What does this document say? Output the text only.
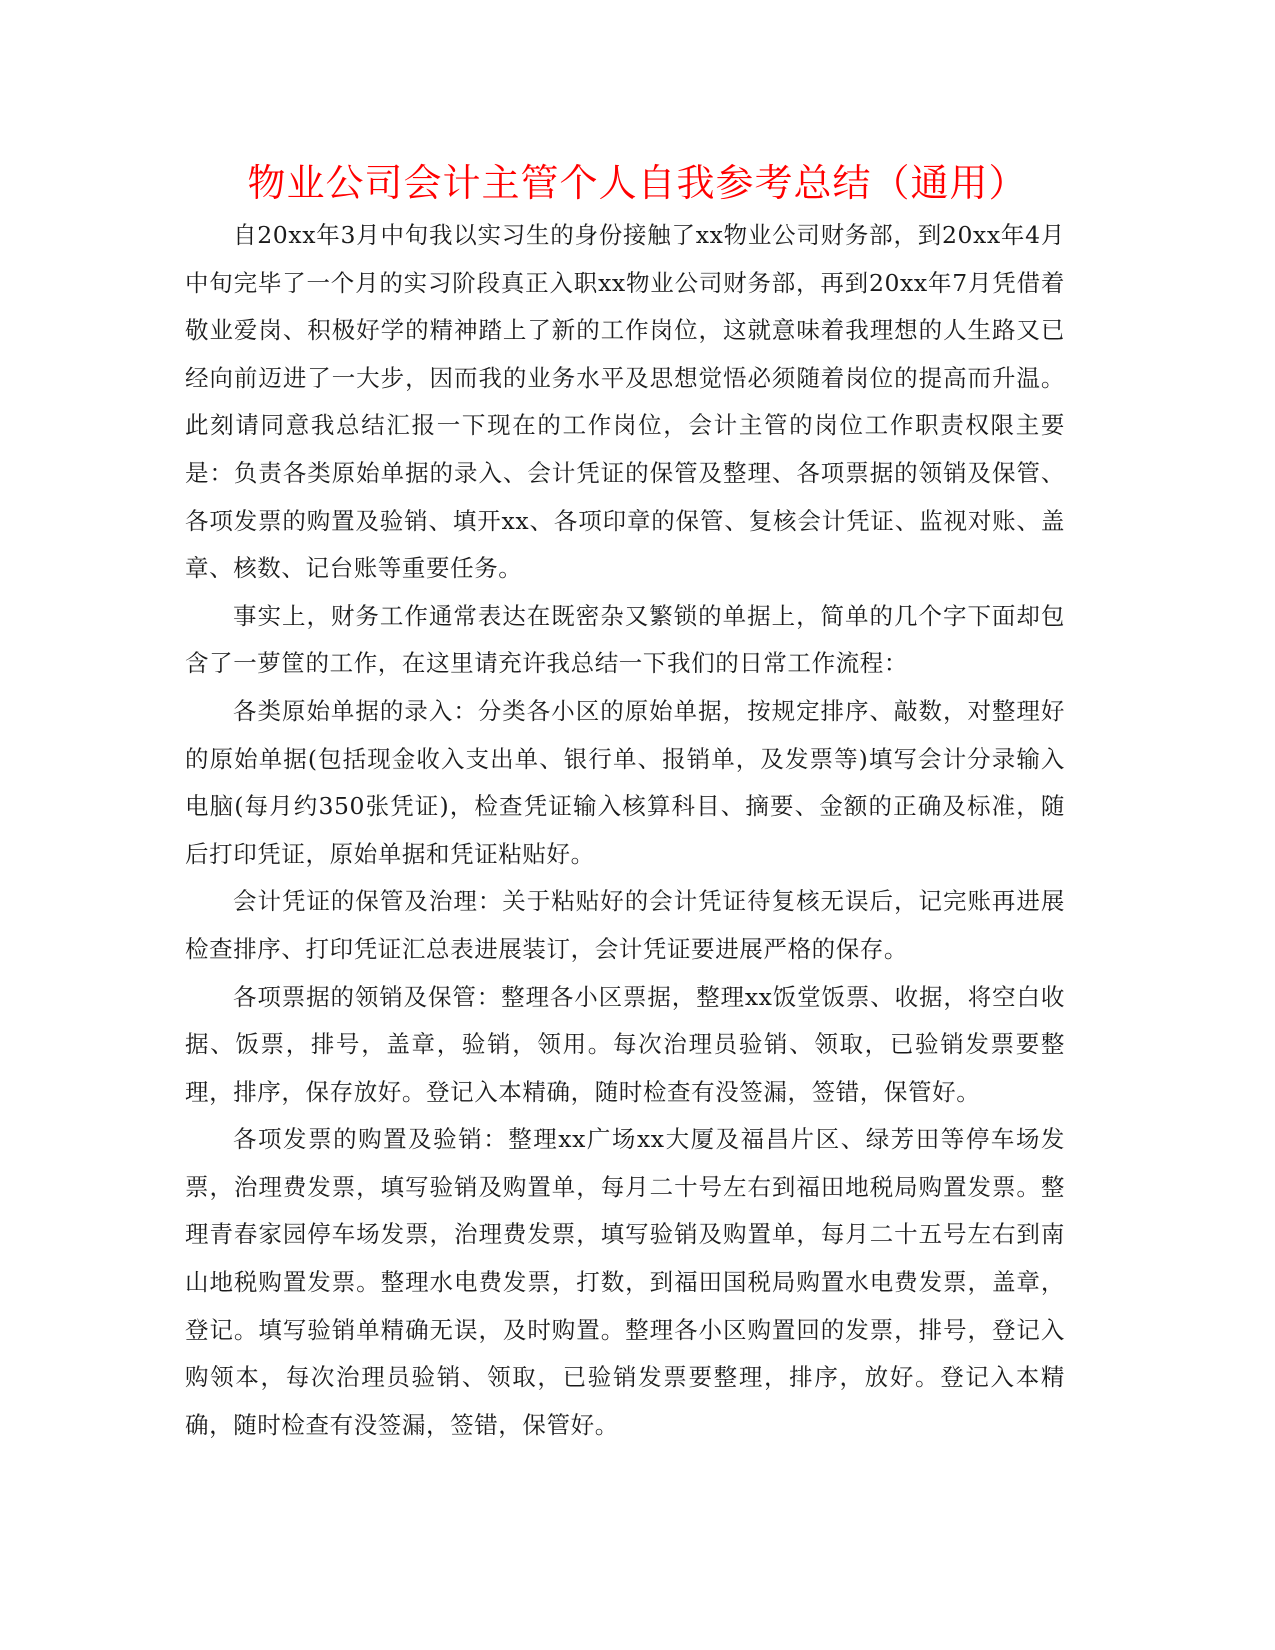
物业公司会计主管个人自我参考总结（通用）

自20xx年3月中旬我以实习生的身份接触了xx物业公司财务部，到20xx年4月中旬完毕了一个月的实习阶段真正入职xx物业公司财务部，再到20xx年7月凭借着敬业爱岗、积极好学的精神踏上了新的工作岗位，这就意味着我理想的人生路又已经向前迈进了一大步，因而我的业务水平及思想觉悟必须随着岗位的提高而升温。此刻请同意我总结汇报一下现在的工作岗位，会计主管的岗位工作职责权限主要是：负责各类原始单据的录入、会计凭证的保管及整理、各项票据的领销及保管、各项发票的购置及验销、填开xx、各项印章的保管、复核会计凭证、监视对账、盖章、核数、记台账等重要任务。

事实上，财务工作通常表达在既密杂又繁锁的单据上，简单的几个字下面却包含了一萝筐的工作，在这里请充许我总结一下我们的日常工作流程：

各类原始单据的录入：分类各小区的原始单据，按规定排序、敲数，对整理好的原始单据(包括现金收入支出单、银行单、报销单，及发票等)填写会计分录输入电脑(每月约350张凭证)，检查凭证输入核算科目、摘要、金额的正确及标准，随后打印凭证，原始单据和凭证粘贴好。

会计凭证的保管及治理：关于粘贴好的会计凭证待复核无误后，记完账再进展检查排序、打印凭证汇总表进展装订，会计凭证要进展严格的保存。

各项票据的领销及保管：整理各小区票据，整理xx饭堂饭票、收据，将空白收据、饭票，排号，盖章，验销，领用。每次治理员验销、领取，已验销发票要整理，排序，保存放好。登记入本精确，随时检查有没签漏，签错，保管好。

各项发票的购置及验销：整理xx广场xx大厦及福昌片区、绿芳田等停车场发票，治理费发票，填写验销及购置单，每月二十号左右到福田地税局购置发票。整理青春家园停车场发票，治理费发票，填写验销及购置单，每月二十五号左右到南山地税购置发票。整理水电费发票，打数，到福田国税局购置水电费发票，盖章，登记。填写验销单精确无误，及时购置。整理各小区购置回的发票，排号，登记入购领本，每次治理员验销、领取，已验销发票要整理，排序，放好。登记入本精确，随时检查有没签漏，签错，保管好。
